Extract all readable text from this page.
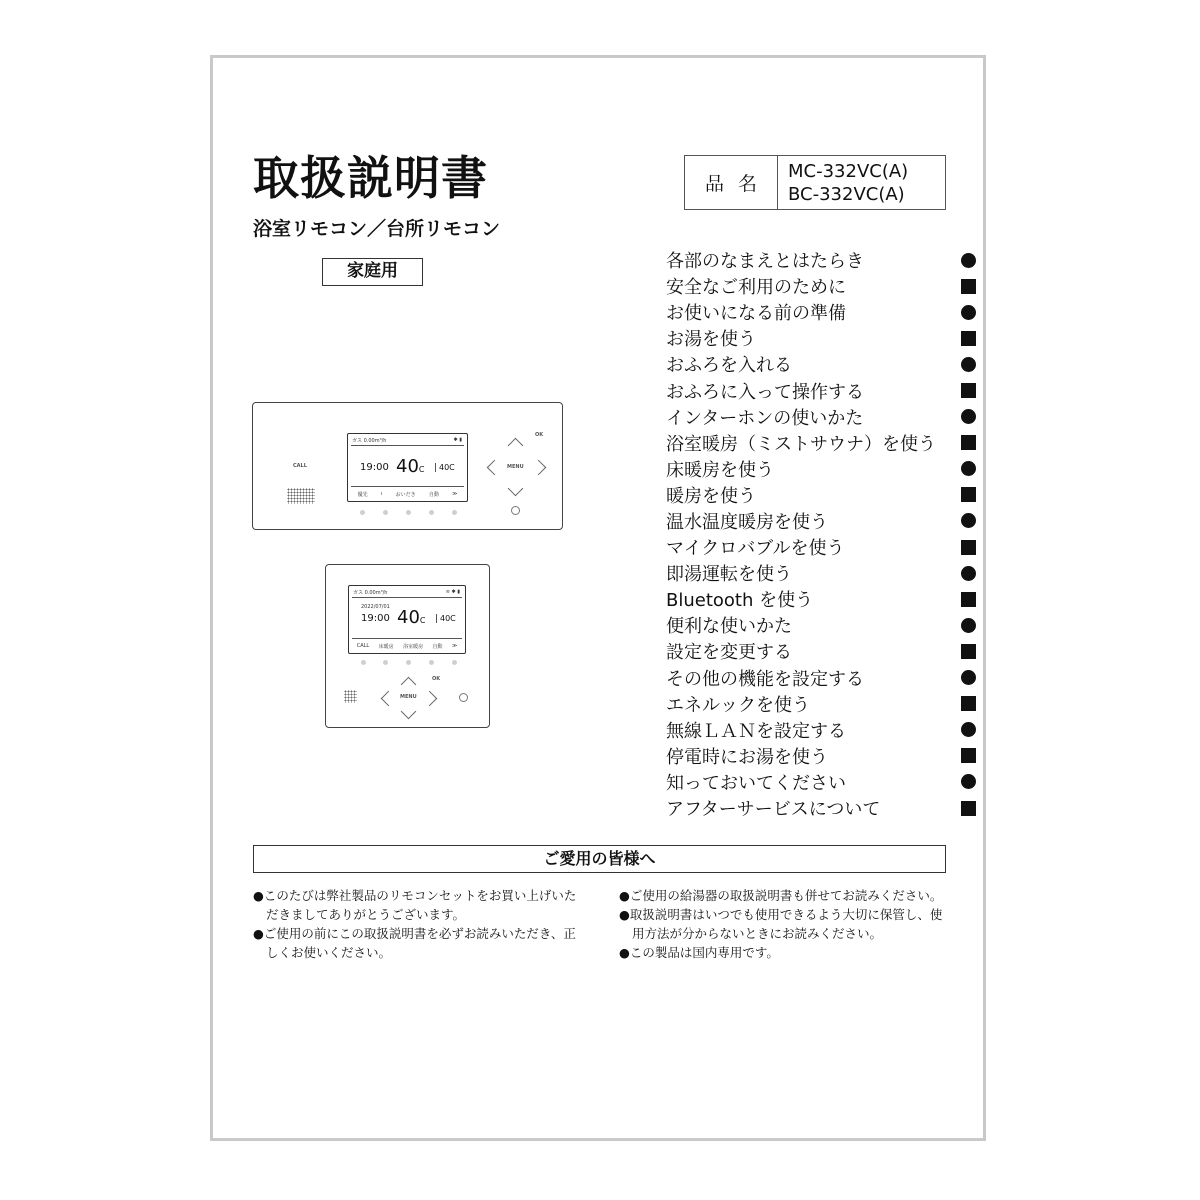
取扱説明書
浴室リモコン／台所リモコン
家庭用
品名
MC-332VC(A)
BC-332VC(A)
各部のなまえとはたらき
安全なご利用のために
お使いになる前の準備
お湯を使う
おふろを入れる
おふろに入って操作する
インターホンの使いかた
浴室暖房（ミストサウナ）を使う
床暖房を使う
暖房を使う
温水温度暖房を使う
マイクロバブルを使う
即湯運転を使う
Bluetooth を使う
便利な使いかた
設定を変更する
その他の機能を設定する
エネルックを使う
無線ＬＡＮを設定する
停電時にお湯を使う
知っておいてください
アフターサービスについて
CALL
ガス 0.00m³/h	✱ ▮
19:00 40C	40C
優先	ı	おいだき	自動	≫
OK
MENU
ガス 0.00m³/h	≋ ✱ ▮
2022/07/01
19:00 40C	40C
CALL 床暖房 浴室暖房 自動 ≫
OK
MENU
ご愛用の皆様へ
●このたびは弊社製品のリモコンセットをお買い上げいただきましてありがとうございます。
●ご使用の前にこの取扱説明書を必ずお読みいただき、正しくお使いください。
●ご使用の給湯器の取扱説明書も併せてお読みください。
●取扱説明書はいつでも使用できるよう大切に保管し、使用方法が分からないときにお読みください。
●この製品は国内専用です。
